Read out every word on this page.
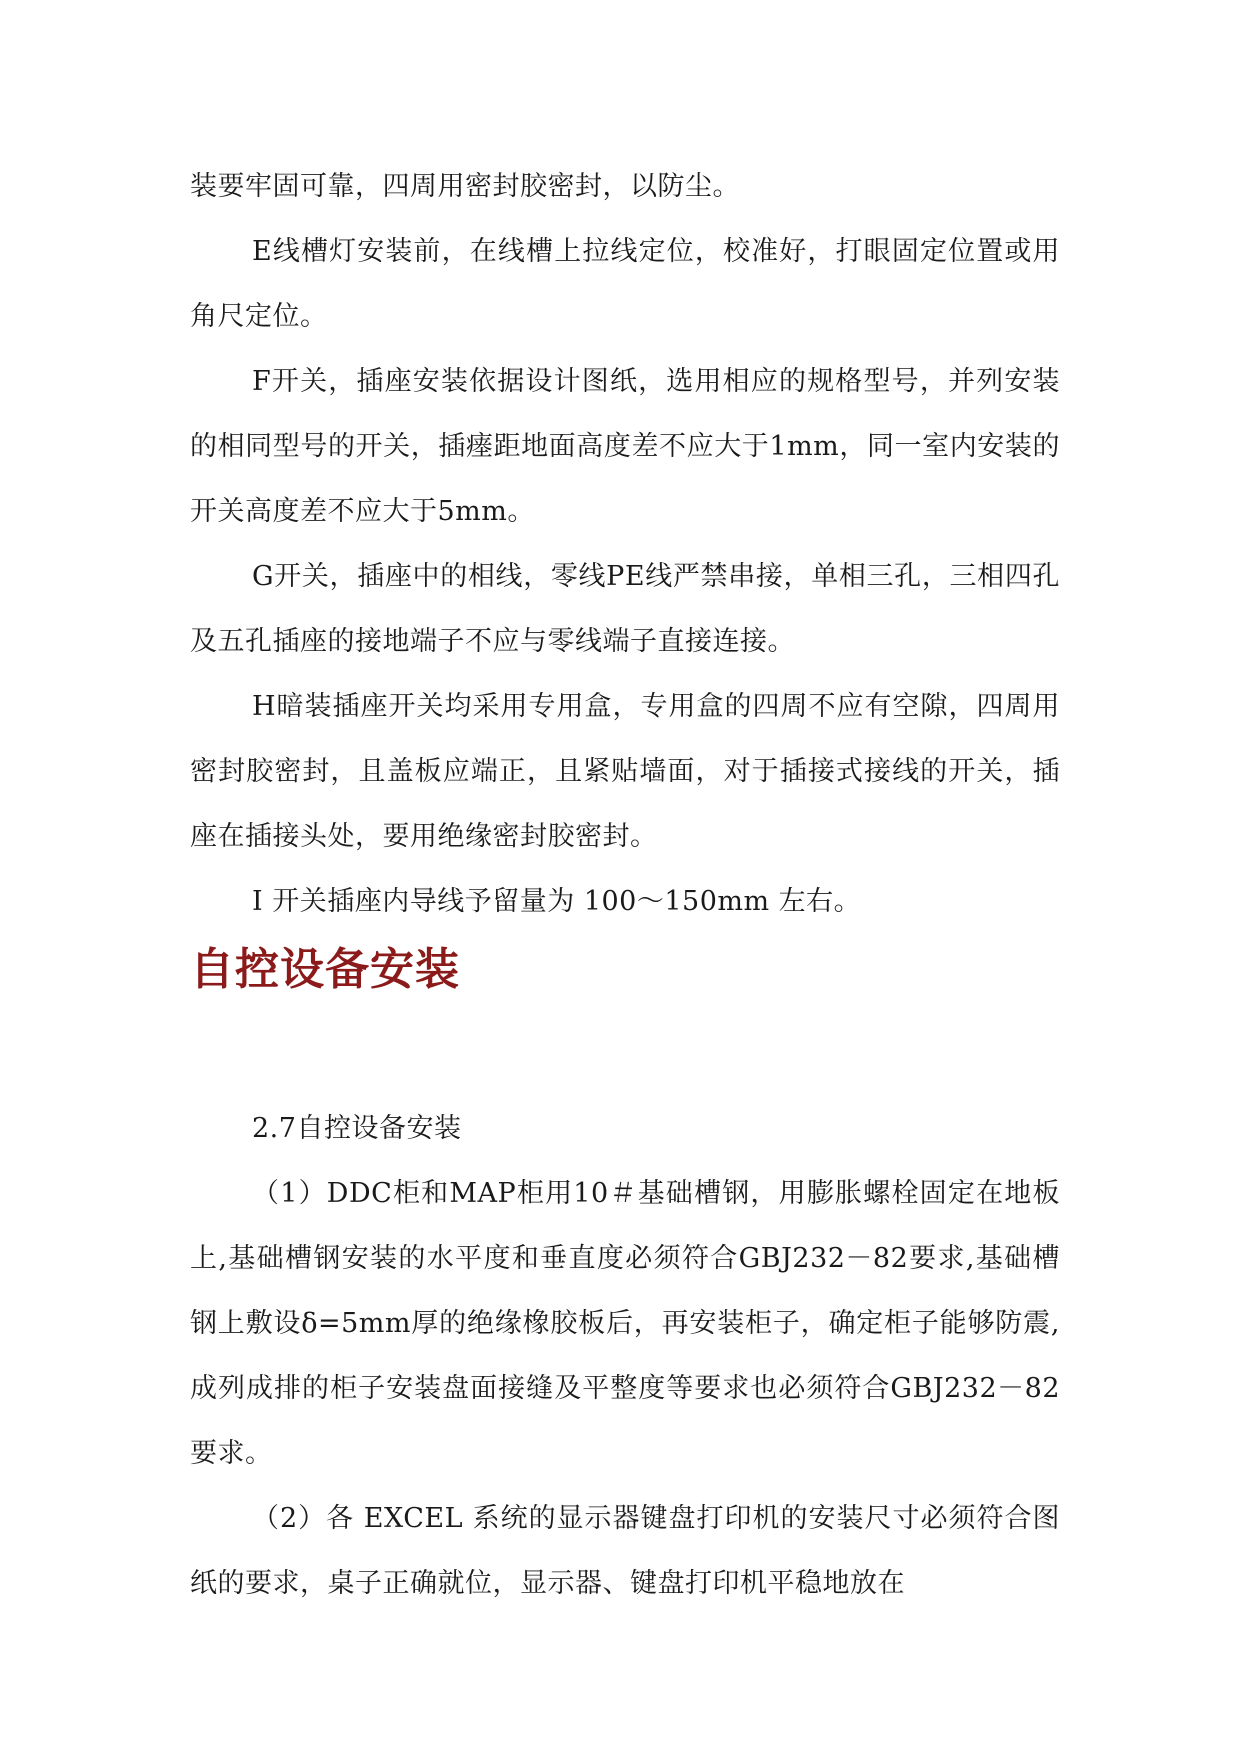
装要牢固可靠，四周用密封胶密封，以防尘。

E线槽灯安装前，在线槽上拉线定位，校准好，打眼固定位置或用角尺定位。

F开关，插座安装依据设计图纸，选用相应的规格型号，并列安装的相同型号的开关，插瘗距地面高度差不应大于1mm，同一室内安装的开关高度差不应大于5mm。

G开关，插座中的相线，零线PE线严禁串接，单相三孔，三相四孔及五孔插座的接地端子不应与零线端子直接连接。

H暗装插座开关均采用专用盒，专用盒的四周不应有空隙，四周用密封胶密封，且盖板应端正，且紧贴墙面，对于插接式接线的开关，插座在插接头处，要用绝缘密封胶密封。

I 开关插座内导线予留量为 100～150mm 左右。

自控设备安装

2.7自控设备安装

（1）DDC柜和MAP柜用10＃基础槽钢，用膨胀螺栓固定在地板上,基础槽钢安装的水平度和垂直度必须符合GBJ232－82要求,基础槽钢上敷设δ=5mm厚的绝缘橡胶板后，再安装柜子，确定柜子能够防震,成列成排的柜子安装盘面接缝及平整度等要求也必须符合GBJ232－82要求。

（2）各 EXCEL 系统的显示器键盘打印机的安装尺寸必须符合图纸的要求，桌子正确就位，显示器、键盘打印机平稳地放在
